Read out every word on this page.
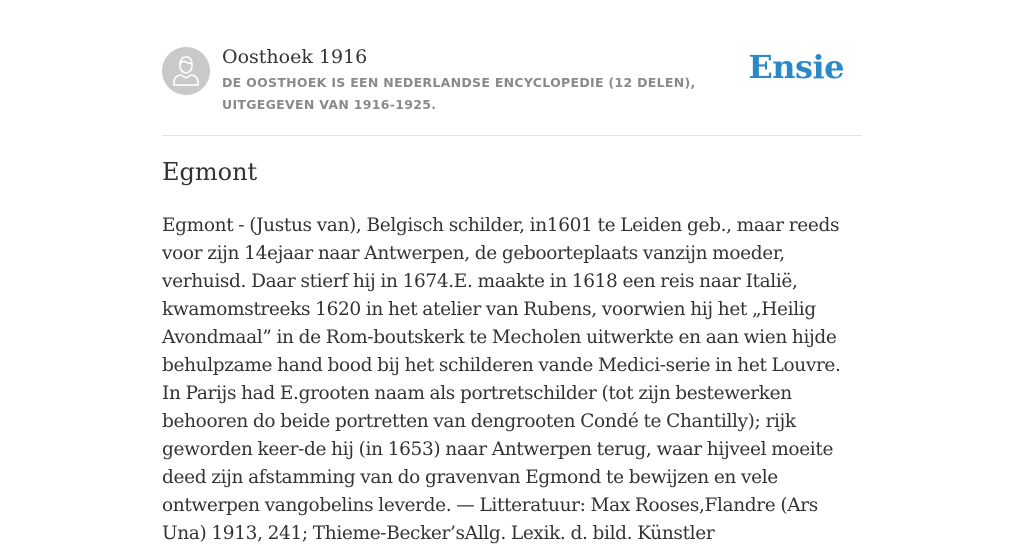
Oosthoek 1916
DE OOSTHOEK IS EEN NEDERLANDSE ENCYCLOPEDIE (12 DELEN), UITGEGEVEN VAN 1916-1925.
Ensie
Egmont

Egmont - (Justus van), Belgisch schilder, in1601 te Leiden geb., maar reeds voor zijn 14ejaar naar Antwerpen, de geboorteplaats vanzijn moeder, verhuisd. Daar stierf hij in 1674.E. maakte in 1618 een reis naar Italië, kwamomstreeks 1620 in het atelier van Rubens, voorwien hij het „Heilig Avondmaal” in de Rom-boutskerk te Mecholen uitwerkte en aan wien hijde behulpzame hand bood bij het schilderen vande Medici-serie in het Louvre. In Parijs had E.grooten naam als portretschilder (tot zijn bestewerken behooren do beide portretten van dengrooten Condé te Chantilly); rijk geworden keer-de hij (in 1653) naar Antwerpen terug, waar hijveel moeite deed zijn afstamming van do gravenvan Egmond te bewijzen en vele ontwerpen vangobelins leverde. — Litteratuur: Max Rooses,Flandre (Ars Una) 1913, 241; Thieme-Becker’sAllg. Lexik. d. bild. Künstler
